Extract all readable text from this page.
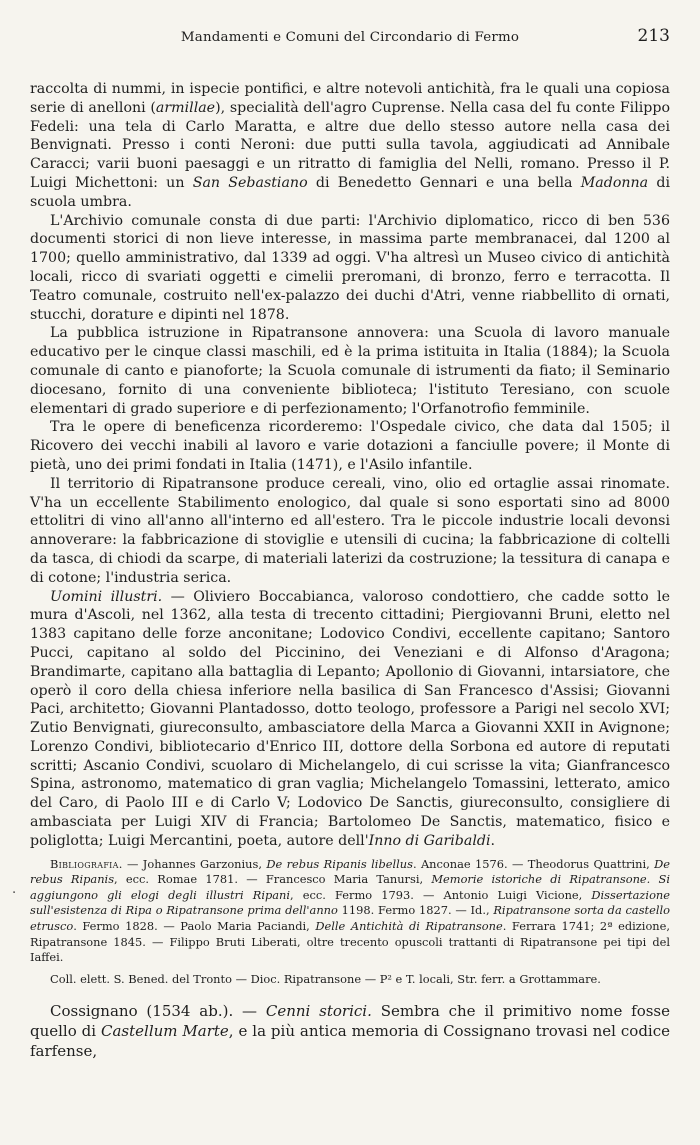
Mandamenti e Comuni del Circondario di Fermo	213

raccolta di nummi, in ispecie pontifici, e altre notevoli antichità, fra le quali una copiosa serie di anelloni (armillae), specialità dell'agro Cuprense. Nella casa del fu conte Filippo Fedeli: una tela di Carlo Maratta, e altre due dello stesso autore nella casa dei Benvignati. Presso i conti Neroni: due putti sulla tavola, aggiudicati ad Annibale Caracci; varii buoni paesaggi e un ritratto di famiglia del Nelli, romano. Presso il P. Luigi Michettoni: un San Sebastiano di Benedetto Gennari e una bella Madonna di scuola umbra.

L'Archivio comunale consta di due parti: l'Archivio diplomatico, ricco di ben 536 documenti storici di non lieve interesse, in massima parte membranacei, dal 1200 al 1700; quello amministrativo, dal 1339 ad oggi. V'ha altresì un Museo civico di antichità locali, ricco di svariati oggetti e cimelii preromani, di bronzo, ferro e terracotta. Il Teatro comunale, costruito nell'ex-palazzo dei duchi d'Atri, venne riabbellito di ornati, stucchi, dorature e dipinti nel 1878.

La pubblica istruzione in Ripatransone annovera: una Scuola di lavoro manuale educativo per le cinque classi maschili, ed è la prima istituita in Italia (1884); la Scuola comunale di canto e pianoforte; la Scuola comunale di istrumenti da fiato; il Seminario diocesano, fornito di una conveniente biblioteca; l'istituto Teresiano, con scuole elementari di grado superiore e di perfezionamento; l'Orfanotrofio femminile.

Tra le opere di beneficenza ricorderemo: l'Ospedale civico, che data dal 1505; il Ricovero dei vecchi inabili al lavoro e varie dotazioni a fanciulle povere; il Monte di pietà, uno dei primi fondati in Italia (1471), e l'Asilo infantile.

Il territorio di Ripatransone produce cereali, vino, olio ed ortaglie assai rinomate. V'ha un eccellente Stabilimento enologico, dal quale si sono esportati sino ad 8000 ettolitri di vino all'anno all'interno ed all'estero. Tra le piccole industrie locali devonsi annoverare: la fabbricazione di stoviglie e utensili di cucina; la fabbricazione di coltelli da tasca, di chiodi da scarpe, di materiali laterizi da costruzione; la tessitura di canapa e di cotone; l'industria serica.

Uomini illustri. — Oliviero Boccabianca, valoroso condottiero, che cadde sotto le mura d'Ascoli, nel 1362, alla testa di trecento cittadini; Piergiovanni Bruni, eletto nel 1383 capitano delle forze anconitane; Lodovico Condivi, eccellente capitano; Santoro Pucci, capitano al soldo del Piccinino, dei Veneziani e di Alfonso d'Aragona; Brandimarte, capitano alla battaglia di Lepanto; Apollonio di Giovanni, intarsiatore, che operò il coro della chiesa inferiore nella basilica di San Francesco d'Assisi; Giovanni Paci, architetto; Giovanni Plantadosso, dotto teologo, professore a Parigi nel secolo XVI; Zutio Benvignati, giureconsulto, ambasciatore della Marca a Giovanni XXII in Avignone; Lorenzo Condivi, bibliotecario d'Enrico III, dottore della Sorbona ed autore di reputati scritti; Ascanio Condivi, scuolaro di Michelangelo, di cui scrisse la vita; Gianfrancesco Spina, astronomo, matematico di gran vaglia; Michelangelo Tomassini, letterato, amico del Caro, di Paolo III e di Carlo V; Lodovico De Sanctis, giureconsulto, consigliere di ambasciata per Luigi XIV di Francia; Bartolomeo De Sanctis, matematico, fisico e poliglotta; Luigi Mercantini, poeta, autore dell'Inno di Garibaldi.

Bibliografia. — Johannes Garzonius, De rebus Ripanis libellus. Anconae 1576. — Theodorus Quattrini, De rebus Ripanis, ecc. Romae 1781. — Francesco Maria Tanursi, Memorie istoriche di Ripatransone. Si aggiungono gli elogi degli illustri Ripani, ecc. Fermo 1793. — Antonio Luigi Vicione, Dissertazione sull'esistenza di Ripa o Ripatransone prima dell'anno 1198. Fermo 1827. — Id., Ripatransone sorta da castello etrusco. Fermo 1828. — Paolo Maria Paciandi, Delle Antichità di Ripatransone. Ferrara 1741; 2ª edizione, Ripatransone 1845. — Filippo Bruti Liberati, oltre trecento opuscoli trattanti di Ripatransone pei tipi del Iaffei.

Coll. elett. S. Bened. del Tronto — Dioc. Ripatransone — P² e T. locali, Str. ferr. a Grottammare.

Cossignano (1534 ab.). — Cenni storici. Sembra che il primitivo nome fosse quello di Castellum Marte, e la più antica memoria di Cossignano trovasi nel codice farfense,

.
